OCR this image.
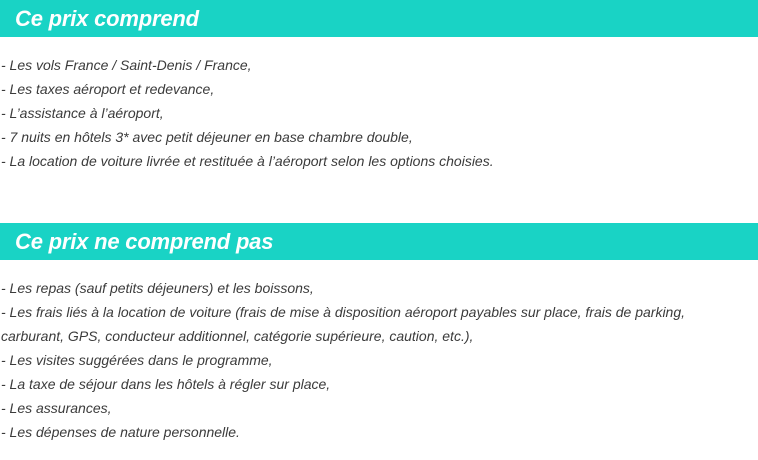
Ce prix comprend
- Les vols France / Saint-Denis / France,
- Les taxes aéroport et redevance,
- L’assistance à l’aéroport,
- 7 nuits en hôtels 3* avec petit déjeuner en base chambre double,
- La location de voiture livrée et restituée à l’aéroport selon les options choisies.
Ce prix ne comprend pas
- Les repas (sauf petits déjeuners) et les boissons,
- Les frais liés à la location de voiture (frais de mise à disposition aéroport payables sur place, frais de parking, carburant, GPS, conducteur additionnel, catégorie supérieure, caution, etc.),
- Les visites suggérées dans le programme,
- La taxe de séjour dans les hôtels à régler sur place,
- Les assurances,
- Les dépenses de nature personnelle.
